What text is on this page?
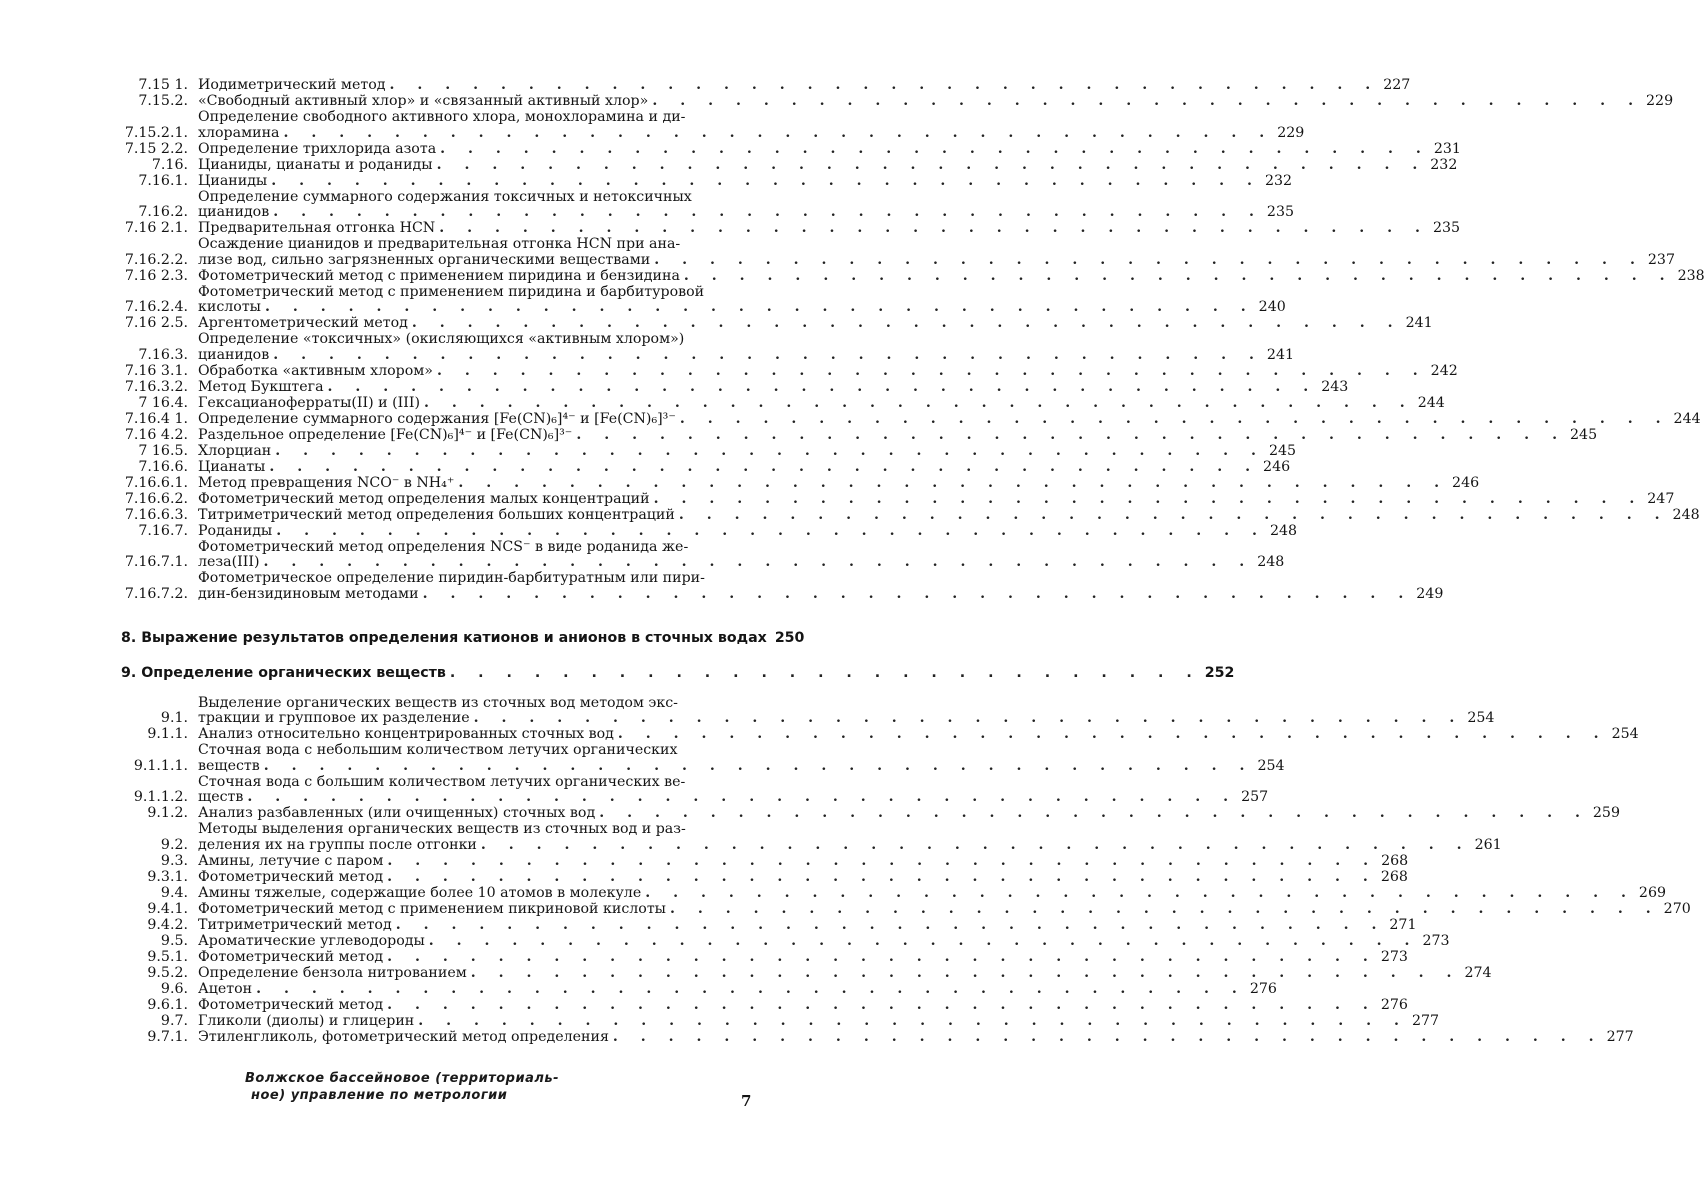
7.15 1. Иодиметрический метод . . . . . . . . . . . . . . . . . . . . . . . . . . . . . . . . . . . . 227
7.15.2. «Свободный активный хлор» и «связанный активный хлор» . . . . . . . . . . . . . . . . . . . . . . . . . . . . . . . . . . . . 229
7.15.2.1.
Определение свободного активного хлора, монохлорамина и ди-
хлорамина . . . . . . . . . . . . . . . . . . . . . . . . . . . . . . . . . . . . 229
7.15 2.2. Определение трихлорида азота . . . . . . . . . . . . . . . . . . . . . . . . . . . . . . . . . . . . 231
7.16. Цианиды, цианаты и роданиды . . . . . . . . . . . . . . . . . . . . . . . . . . . . . . . . . . . . 232
7.16.1. Цианиды . . . . . . . . . . . . . . . . . . . . . . . . . . . . . . . . . . . . 232
7.16.2.
Определение суммарного содержания токсичных и нетоксичных
цианидов . . . . . . . . . . . . . . . . . . . . . . . . . . . . . . . . . . . . 235
7.16 2.1. Предварительная отгонка HCN . . . . . . . . . . . . . . . . . . . . . . . . . . . . . . . . . . . . 235
7.16.2.2.
Осаждение цианидов и предварительная отгонка HCN при ана-
лизе вод, сильно загрязненных органическими веществами . . . . . . . . . . . . . . . . . . . . . . . . . . . . . . . . . . . . 237
7.16 2.3. Фотометрический метод с применением пиридина и бензидина . . . . . . . . . . . . . . . . . . . . . . . . . . . . . . . . . . . . 238
7.16.2.4.
Фотометрический метод с применением пиридина и барбитуровой
кислоты . . . . . . . . . . . . . . . . . . . . . . . . . . . . . . . . . . . . 240
7.16 2.5. Аргентометрический метод . . . . . . . . . . . . . . . . . . . . . . . . . . . . . . . . . . . . 241
7.16.3.
Определение «токсичных» (окисляющихся «активным хлором»)
цианидов . . . . . . . . . . . . . . . . . . . . . . . . . . . . . . . . . . . . 241
7.16 3.1. Обработка «активным хлором» . . . . . . . . . . . . . . . . . . . . . . . . . . . . . . . . . . . . 242
7.16.3.2. Метод Букштега . . . . . . . . . . . . . . . . . . . . . . . . . . . . . . . . . . . . 243
7 16.4. Гексацианоферраты(II) и (III) . . . . . . . . . . . . . . . . . . . . . . . . . . . . . . . . . . . . 244
7.16.4 1. Определение суммарного содержания [Fe(CN)₆]⁴⁻ и [Fe(CN)₆]³⁻ . . . . . . . . . . . . . . . . . . . . . . . . . . . . . . . . . . . . 244
7.16 4.2. Раздельное определение [Fe(CN)₆]⁴⁻ и [Fe(CN)₆]³⁻ . . . . . . . . . . . . . . . . . . . . . . . . . . . . . . . . . . . . 245
7 16.5. Хлорциан . . . . . . . . . . . . . . . . . . . . . . . . . . . . . . . . . . . . 245
7.16.6. Цианаты . . . . . . . . . . . . . . . . . . . . . . . . . . . . . . . . . . . . 246
7.16.6.1. Метод превращения NCO⁻ в NH₄⁺ . . . . . . . . . . . . . . . . . . . . . . . . . . . . . . . . . . . . 246
7.16.6.2. Фотометрический метод определения малых концентраций . . . . . . . . . . . . . . . . . . . . . . . . . . . . . . . . . . . . 247
7.16.6.3. Титриметрический метод определения больших концентраций . . . . . . . . . . . . . . . . . . . . . . . . . . . . . . . . . . . . 248
7.16.7. Роданиды . . . . . . . . . . . . . . . . . . . . . . . . . . . . . . . . . . . . 248
7.16.7.1.
Фотометрический метод определения NCS⁻ в виде роданида же-
леза(III) . . . . . . . . . . . . . . . . . . . . . . . . . . . . . . . . . . . . 248
7.16.7.2.
Фотометрическое определение пиридин-барбитуратным или пири-
дин-бензидиновым методами . . . . . . . . . . . . . . . . . . . . . . . . . . . . . . . . . . . . 249
8. Выражение результатов определения катионов и анионов в сточных водах 250
9. Определение органических веществ . . . . . . . . . . . . . . . . . . . . . . . . . . . 252
9.1.
Выделение органических веществ из сточных вод методом экс-
тракции и групповое их разделение . . . . . . . . . . . . . . . . . . . . . . . . . . . . . . . . . . . . 254
9.1.1. Анализ относительно концентрированных сточных вод . . . . . . . . . . . . . . . . . . . . . . . . . . . . . . . . . . . . 254
9.1.1.1.
Сточная вода с небольшим количеством летучих органических
веществ . . . . . . . . . . . . . . . . . . . . . . . . . . . . . . . . . . . . 254
9.1.1.2.
Сточная вода с большим количеством летучих органических ве-
ществ . . . . . . . . . . . . . . . . . . . . . . . . . . . . . . . . . . . . 257
9.1.2. Анализ разбавленных (или очищенных) сточных вод . . . . . . . . . . . . . . . . . . . . . . . . . . . . . . . . . . . . 259
9.2.
Методы выделения органических веществ из сточных вод и раз-
деления их на группы после отгонки . . . . . . . . . . . . . . . . . . . . . . . . . . . . . . . . . . . . 261
9.3. Амины, летучие с паром . . . . . . . . . . . . . . . . . . . . . . . . . . . . . . . . . . . . 268
9.3.1. Фотометрический метод . . . . . . . . . . . . . . . . . . . . . . . . . . . . . . . . . . . . 268
9.4. Амины тяжелые, содержащие более 10 атомов в молекуле . . . . . . . . . . . . . . . . . . . . . . . . . . . . . . . . . . . . 269
9.4.1. Фотометрический метод с применением пикриновой кислоты . . . . . . . . . . . . . . . . . . . . . . . . . . . . . . . . . . . . 270
9.4.2. Титриметрический метод . . . . . . . . . . . . . . . . . . . . . . . . . . . . . . . . . . . . 271
9.5. Ароматические углеводороды . . . . . . . . . . . . . . . . . . . . . . . . . . . . . . . . . . . . 273
9.5.1. Фотометрический метод . . . . . . . . . . . . . . . . . . . . . . . . . . . . . . . . . . . . 273
9.5.2. Определение бензола нитрованием . . . . . . . . . . . . . . . . . . . . . . . . . . . . . . . . . . . . 274
9.6. Ацетон . . . . . . . . . . . . . . . . . . . . . . . . . . . . . . . . . . . . 276
9.6.1. Фотометрический метод . . . . . . . . . . . . . . . . . . . . . . . . . . . . . . . . . . . . 276
9.7. Гликоли (диолы) и глицерин . . . . . . . . . . . . . . . . . . . . . . . . . . . . . . . . . . . . 277
9.7.1. Этиленгликоль, фотометрический метод определения . . . . . . . . . . . . . . . . . . . . . . . . . . . . . . . . . . . . 277
Волжское бассейновое (территориаль-
ное) управление по метрологии	7
